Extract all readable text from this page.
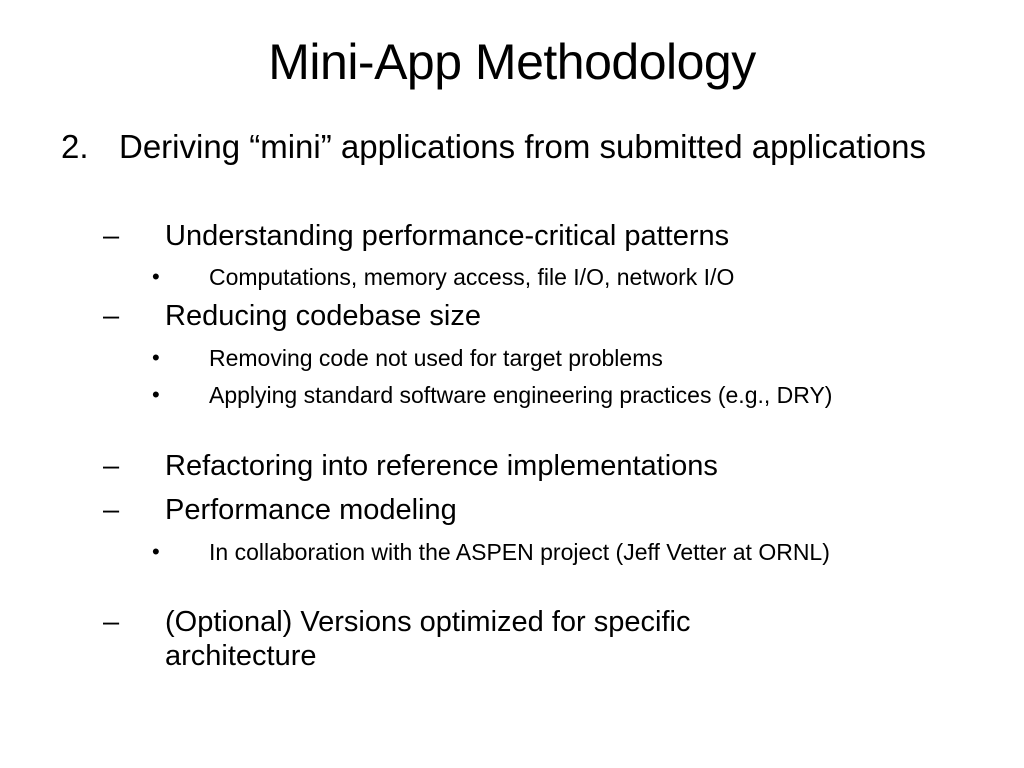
Mini-App Methodology
2. Deriving “mini” applications from submitted applications
– Understanding performance-critical patterns
• Computations, memory access, file I/O, network I/O
– Reducing codebase size
• Removing code not used for target problems
• Applying standard software engineering practices (e.g., DRY)
– Refactoring into reference implementations
– Performance modeling
• In collaboration with the ASPEN project (Jeff Vetter at ORNL)
– (Optional) Versions optimized for specific architecture
